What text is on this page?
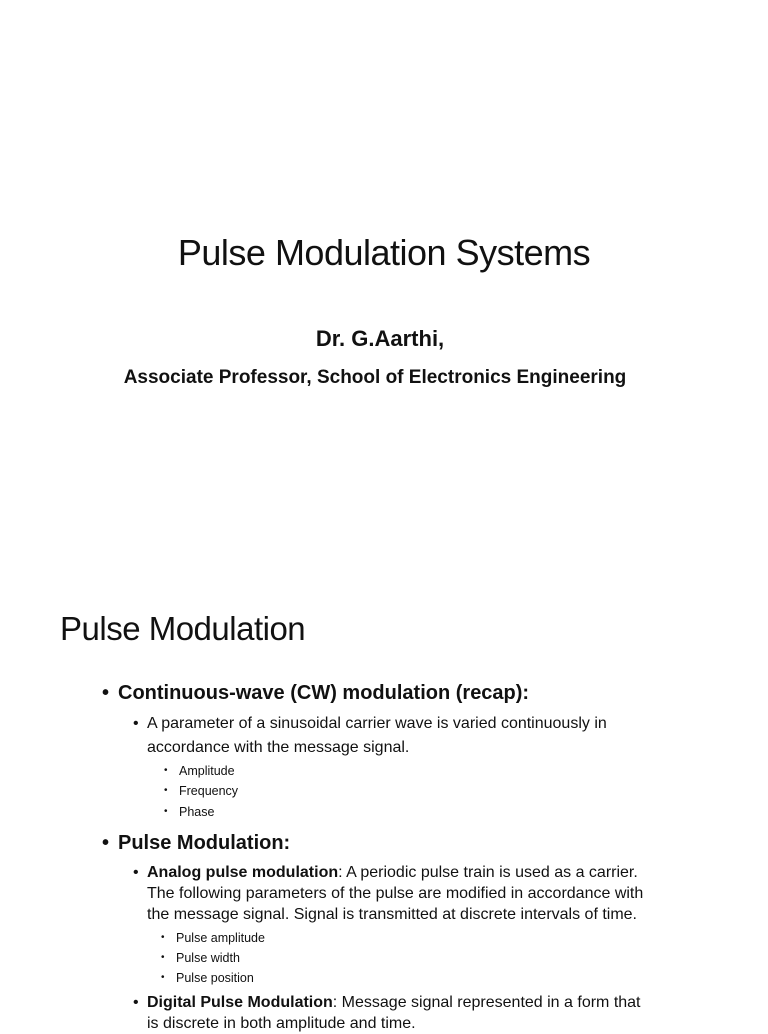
Pulse Modulation Systems
Dr. G.Aarthi,
Associate Professor, School of Electronics Engineering
Pulse Modulation
• Continuous-wave (CW) modulation (recap):
• A parameter of a sinusoidal carrier wave is varied continuously in
accordance with the message signal.
• Amplitude
• Frequency
• Phase
• Pulse Modulation:
• Analog pulse modulation: A periodic pulse train is used as a carrier.
The following parameters of the pulse are modified in accordance with
the message signal. Signal is transmitted at discrete intervals of time.
• Pulse amplitude
• Pulse width
• Pulse position
• Digital Pulse Modulation: Message signal represented in a form that
is discrete in both amplitude and time.
